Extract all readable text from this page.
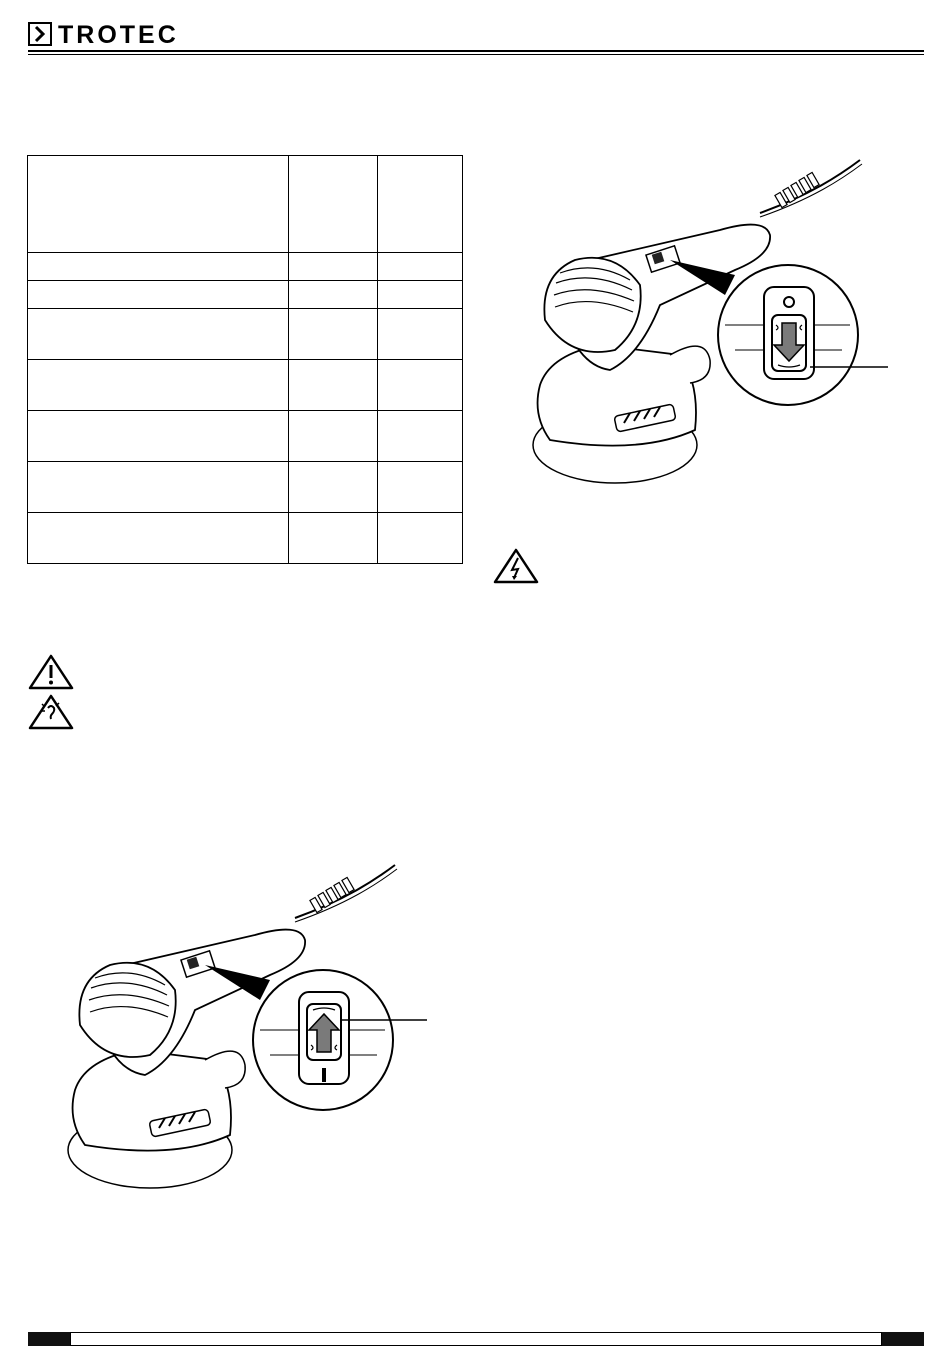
TROTEC
